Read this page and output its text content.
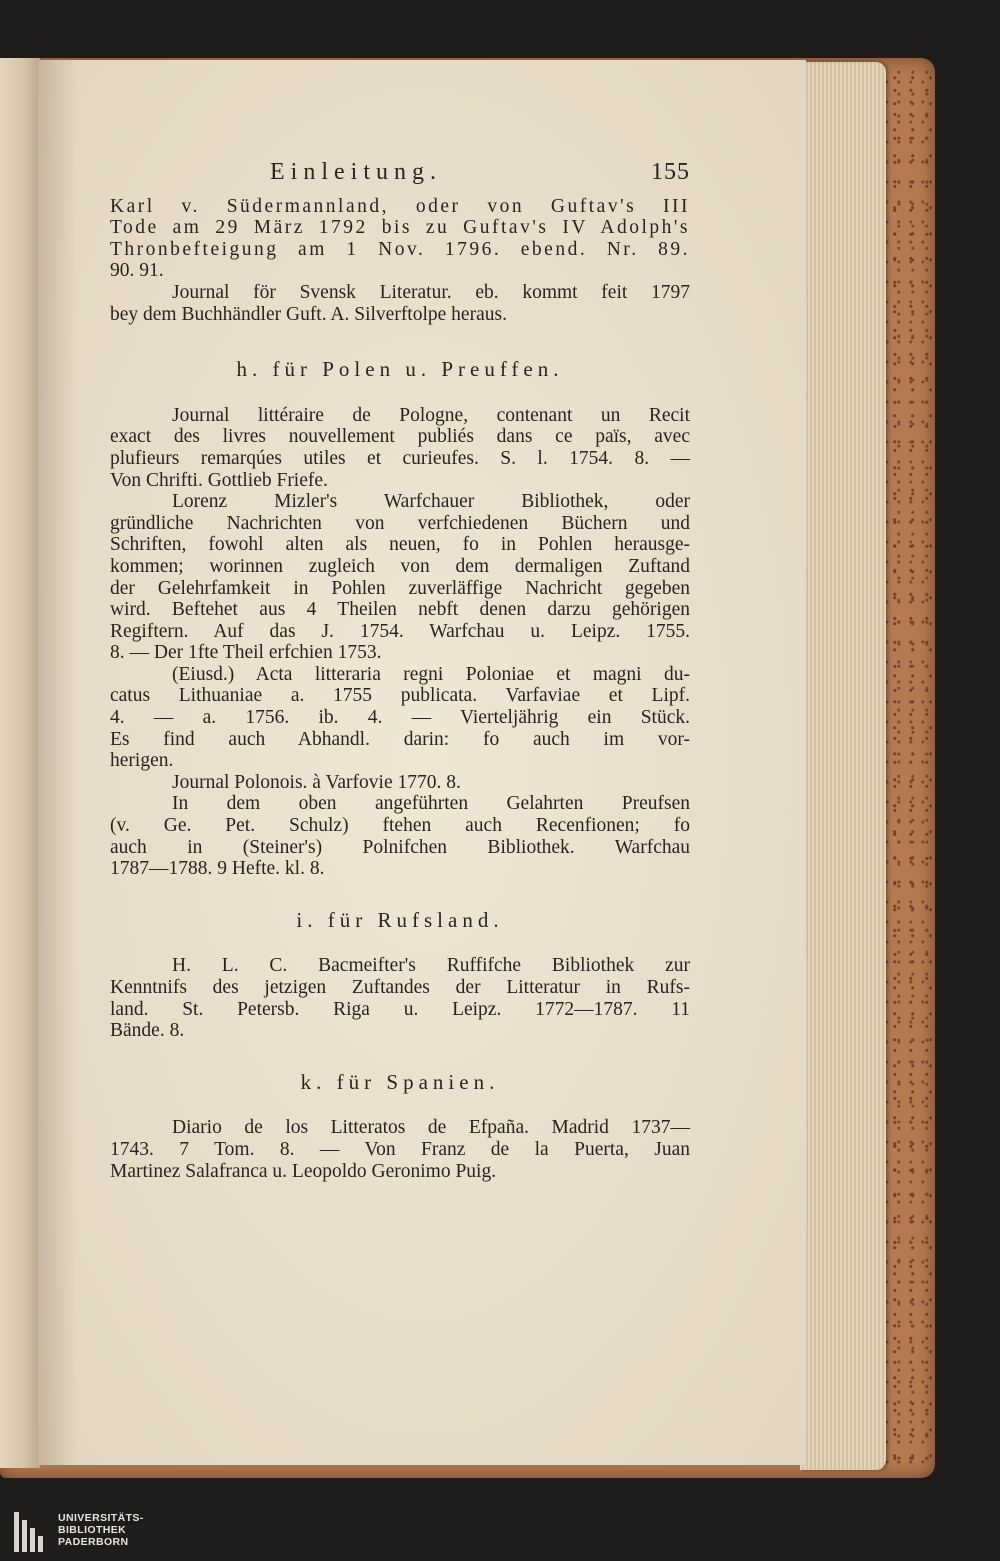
Einleitung.	155

Karl v. Südermannland, oder von Guftav's III

Tode am 29 März 1792 bis zu Guftav's IV Adolph's

Thronbefteigung am 1 Nov. 1796. ebend. Nr. 89.

90. 91.

Journal för Svensk Literatur. eb. kommt feit 1797

bey dem Buchhändler Guft. A. Silverftolpe heraus.

h. für Polen u. Preuffen.

Journal littéraire de Pologne, contenant un Recit

exact des livres nouvellement publiés dans ce païs, avec

plufieurs remarqúes utiles et curieufes. S. l. 1754. 8. —

Von Chrifti. Gottlieb Friefe.

Lorenz Mizler's Warfchauer Bibliothek, oder

gründliche Nachrichten von verfchiedenen Büchern und

Schriften, fowohl alten als neuen, fo in Pohlen herausge-

kommen; worinnen zugleich von dem dermaligen Zuftand

der Gelehrfamkeit in Pohlen zuverläffige Nachricht gegeben

wird. Beftehet aus 4 Theilen nebft denen darzu gehörigen

Regiftern. Auf das J. 1754. Warfchau u. Leipz. 1755.

8. — Der 1fte Theil erfchien 1753.

(Eiusd.) Acta litteraria regni Poloniae et magni du-

catus Lithuaniae a. 1755 publicata. Varfaviae et Lipf.

4. — a. 1756. ib. 4. — Vierteljährig ein Stück.

Es find auch Abhandl. darin: fo auch im vor-

herigen.

Journal Polonois. à Varfovie 1770. 8.

In dem oben angeführten Gelahrten Preufsen

(v. Ge. Pet. Schulz) ftehen auch Recenfionen; fo

auch in (Steiner's) Polnifchen Bibliothek. Warfchau

1787—1788. 9 Hefte. kl. 8.

i. für Rufsland.

H. L. C. Bacmeifter's Ruffifche Bibliothek zur

Kenntnifs des jetzigen Zuftandes der Litteratur in Rufs-

land. St. Petersb. Riga u. Leipz. 1772—1787. 11

Bände. 8.

k. für Spanien.

Diario de los Litteratos de Efpaña. Madrid 1737—

1743. 7 Tom. 8. — Von Franz de la Puerta, Juan

Martinez Salafranca u. Leopoldo Geronimo Puig.

UNIVERSITÄTS-
BIBLIOTHEK
PADERBORN
